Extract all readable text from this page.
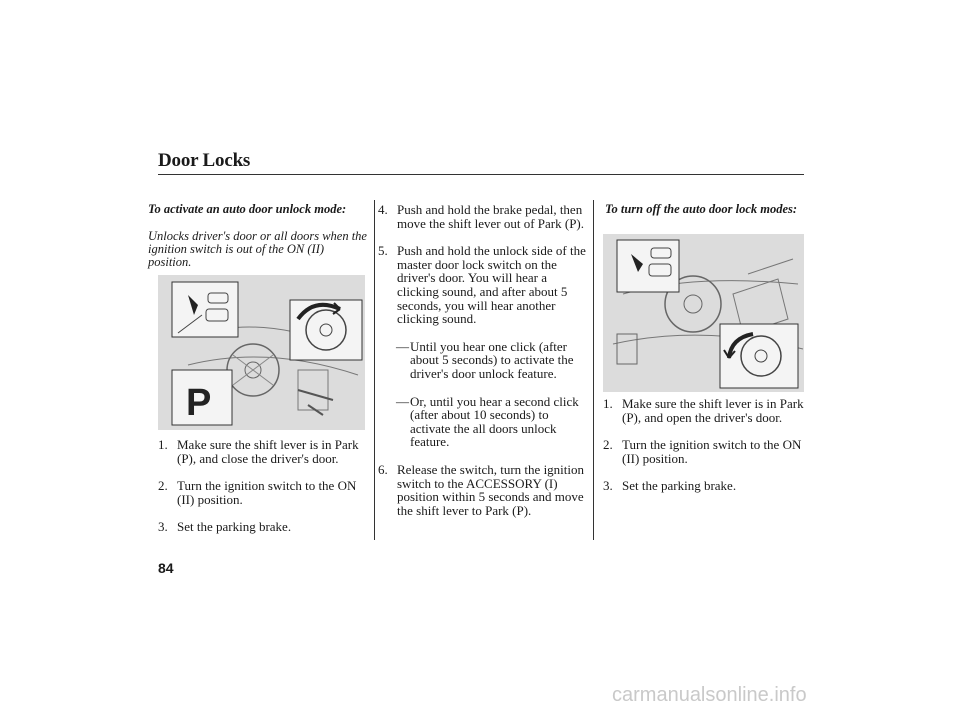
Door Locks
To activate an auto door unlock mode:
Unlocks driver's door or all doors when the ignition switch is out of the ON (II) position.
P
1. Make sure the shift lever is in Park (P), and close the driver's door.
2. Turn the ignition switch to the ON (II) position.
3. Set the parking brake.
4. Push and hold the brake pedal, then move the shift lever out of Park (P).
5. Push and hold the unlock side of the master door lock switch on the driver's door. You will hear a clicking sound, and after about 5 seconds, you will hear another clicking sound.
— Until you hear one click (after about 5 seconds) to activate the driver's door unlock feature.
— Or, until you hear a second click (after about 10 seconds) to activate the all doors unlock feature.
6. Release the switch, turn the ignition switch to the ACCESSORY (I) position within 5 seconds and move the shift lever to Park (P).
To turn off the auto door lock modes:
1. Make sure the shift lever is in Park (P), and open the driver's door.
2. Turn the ignition switch to the ON (II) position.
3. Set the parking brake.
84
carmanualsonline.info
